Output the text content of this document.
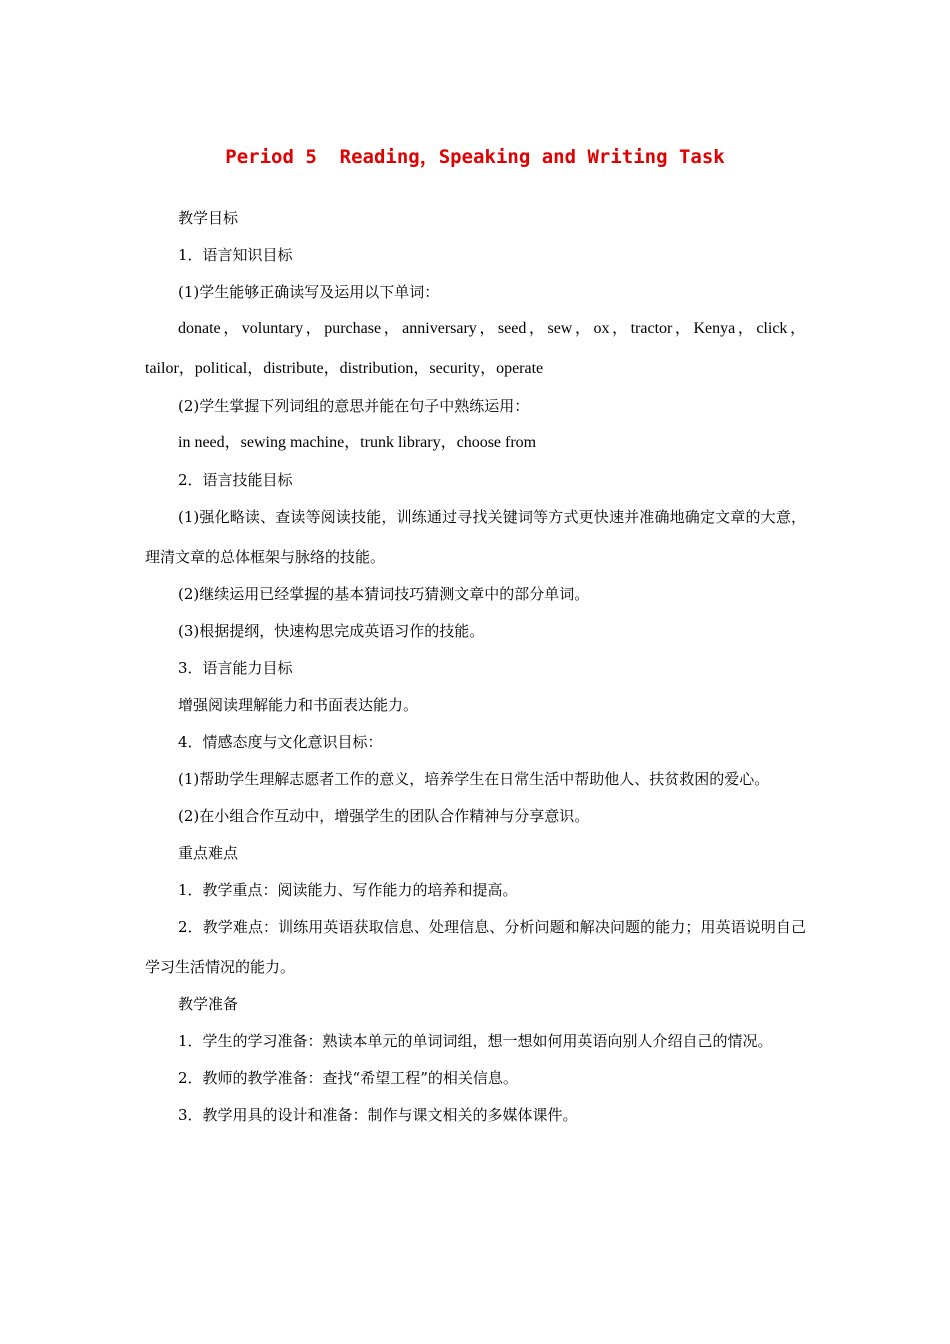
Period 5  Reading，Speaking and Writing Task

教学目标

1．语言知识目标

(1)学生能够正确读写及运用以下单词：

donate，voluntary，purchase，anniversary，seed，sew，ox，tractor，Kenya，click，tailor，political，distribute，distribution，security，operate

(2)学生掌握下列词组的意思并能在句子中熟练运用：

in need，sewing machine，trunk library，choose from

2．语言技能目标

(1)强化略读、查读等阅读技能，训练通过寻找关键词等方式更快速并准确地确定文章的大意，理清文章的总体框架与脉络的技能。

(2)继续运用已经掌握的基本猜词技巧猜测文章中的部分单词。

(3)根据提纲，快速构思完成英语习作的技能。

3．语言能力目标

增强阅读理解能力和书面表达能力。

4．情感态度与文化意识目标：

(1)帮助学生理解志愿者工作的意义，培养学生在日常生活中帮助他人、扶贫救困的爱心。

(2)在小组合作互动中，增强学生的团队合作精神与分享意识。

重点难点

1．教学重点：阅读能力、写作能力的培养和提高。

2．教学难点：训练用英语获取信息、处理信息、分析问题和解决问题的能力；用英语说明自己学习生活情况的能力。

教学准备

1．学生的学习准备：熟读本单元的单词词组，想一想如何用英语向别人介绍自己的情况。

2．教师的教学准备：查找“希望工程”的相关信息。

3．教学用具的设计和准备：制作与课文相关的多媒体课件。
